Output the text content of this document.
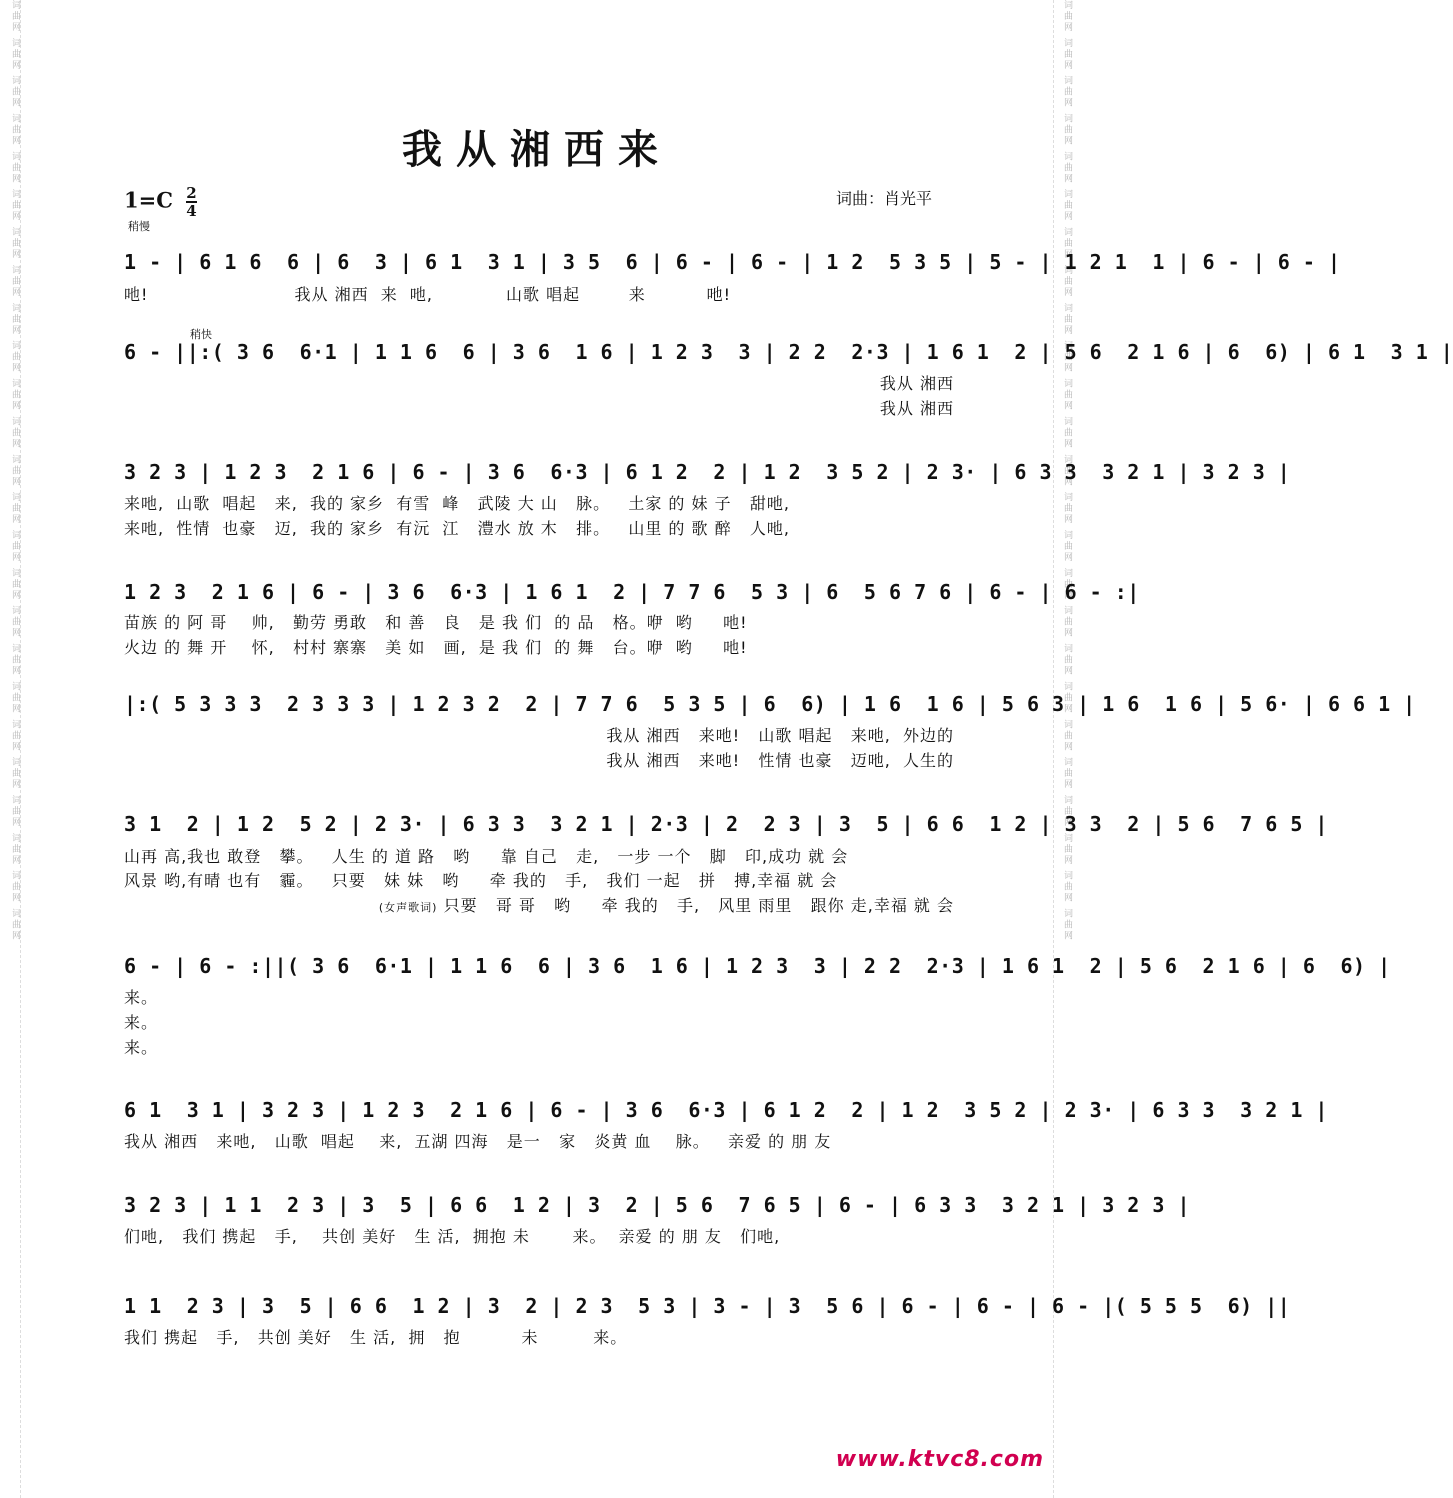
词曲网 词曲网 词曲网 词曲网 词曲网 词曲网 词曲网 词曲网 词曲网 词曲网 词曲网 词曲网 词曲网 词曲网 词曲网 词曲网 词曲网 词曲网 词曲网 词曲网 词曲网 词曲网 词曲网 词曲网 词曲网	词曲网 词曲网 词曲网 词曲网 词曲网 词曲网 词曲网 词曲网 词曲网 词曲网 词曲网 词曲网 词曲网 词曲网 词曲网 词曲网 词曲网 词曲网 词曲网 词曲网 词曲网 词曲网 词曲网 词曲网 词曲网
我从湘西来
$1=C \frac{2}{4}$	词曲：肖光平
稍慢
稍快
1 - | 6 1 6  6 | 6  3 | 6 1  3 1 | 3 5  6 | 6 - | 6 - | 1 2  5 3 5 | 5 - | 1 2 1  1 | 6 - | 6 - |
吔!                        我从 湘西  来  吔,            山歌 唱起        来          吔!
6 - ||:( 3 6  6·1 | 1 1 6  6 | 3 6  1 6 | 1 2 3  3 | 2 2  2·3 | 1 6 1  2 | 5 6  2 1 6 | 6  6) | 6 1  3 1 |
我从 湘西
我从 湘西
3 2 3 | 1 2 3  2 1 6 | 6 - | 3 6  6·3 | 6 1 2  2 | 1 2  3 5 2 | 2 3· | 6 3 3  3 2 1 | 3 2 3 |
来吔,  山歌  唱起   来,  我的 家乡  有雪  峰   武陵 大 山   脉。   土家 的 妹 子   甜吔,
来吔,  性情  也豪   迈,  我的 家乡  有沅  江   澧水 放 木   排。   山里 的 歌 醉   人吔,
1 2 3  2 1 6 | 6 - | 3 6  6·3 | 1 6 1  2 | 7 7 6  5 3 | 6  5 6 7 6 | 6 - | 6 - :|
苗族 的 阿 哥    帅,   勤劳 勇敢   和 善   良   是 我 们  的 品   格。咿  哟     吔!
火边 的 舞 开    怀,   村村 寨寨   美 如   画,  是 我 们  的 舞   台。咿  哟     吔!
|:( 5 3 3 3  2 3 3 3 | 1 2 3 2  2 | 7 7 6  5 3 5 | 6  6) | 1 6  1 6 | 5 6 3 | 1 6  1 6 | 5 6· | 6 6 1 |
我从 湘西   来吔!   山歌 唱起   来吔,  外边的
我从 湘西   来吔!   性情 也豪   迈吔,  人生的
3 1  2 | 1 2  5 2 | 2 3· | 6 3 3  3 2 1 | 2·3 | 2  2 3 | 3  5 | 6 6  1 2 | 3 3  2 | 5 6  7 6 5 |
山再 高,我也 敢登   攀。   人生 的 道 路   哟     靠 自己   走,   一步 一个   脚   印,成功 就 会
风景 哟,有晴 也有   霾。   只要   妹 妹   哟     牵 我的   手,   我们 一起   拼   搏,幸福 就 会
(女声歌词) 只要   哥 哥   哟     牵 我的   手,   风里 雨里   跟你 走,幸福 就 会
6 - | 6 - :||( 3 6  6·1 | 1 1 6  6 | 3 6  1 6 | 1 2 3  3 | 2 2  2·3 | 1 6 1  2 | 5 6  2 1 6 | 6  6) |
来。
来。
来。
6 1  3 1 | 3 2 3 | 1 2 3  2 1 6 | 6 - | 3 6  6·3 | 6 1 2  2 | 1 2  3 5 2 | 2 3· | 6 3 3  3 2 1 |
我从 湘西   来吔,   山歌  唱起    来,  五湖 四海   是一   家   炎黄 血    脉。   亲爱 的 朋 友
3 2 3 | 1 1  2 3 | 3  5 | 6 6  1 2 | 3  2 | 5 6  7 6 5 | 6 - | 6 3 3  3 2 1 | 3 2 3 |
们吔,   我们 携起   手,    共创 美好   生 活,  拥抱 未       来。  亲爱 的 朋 友   们吔,
1 1  2 3 | 3  5 | 6 6  1 2 | 3  2 | 2 3  5 3 | 3 - | 3  5 6 | 6 - | 6 - | 6 - |( 5 5 5  6) ||
我们 携起   手,   共创 美好   生 活,  拥   抱          未         来。
www.ktvc8.com
